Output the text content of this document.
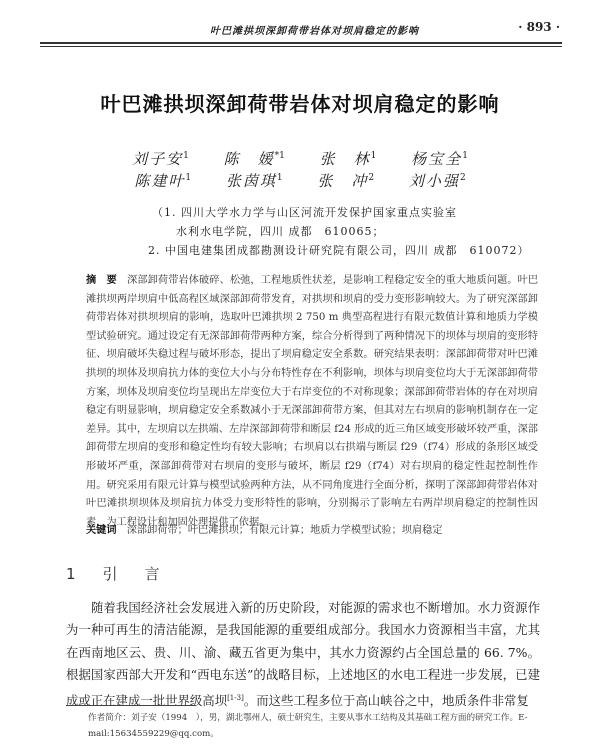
叶巴滩拱坝深卸荷带岩体对坝肩稳定的影响	· 893 ·
叶巴滩拱坝深卸荷带岩体对坝肩稳定的影响
刘子安$^1$ 陈　媛$^{*1}$ 张　林$^1$ 杨宝全$^1$
陈建叶$^1$ 张茵琪$^1$ 张　冲$^2$ 刘小强$^2$
（1. 四川大学水力学与山区河流开发保护国家重点实验室
水利水电学院，四川 成都　610065；
2. 中国电建集团成都勘测设计研究院有限公司，四川 成都　610072）
摘　要　 深部卸荷带岩体破碎、松弛，工程地质性状差，是影响工程稳定安全的重大地质问题。叶巴滩拱坝两岸坝肩中低高程区域深部卸荷带发育，对拱坝和坝肩的受力变形影响较大。为了研究深部卸荷带岩体对拱坝坝肩的影响，选取叶巴滩拱坝 2 750 m 典型高程进行有限元数值计算和地质力学模型试验研究。通过设定有无深部卸荷带两种方案，综合分析得到了两种情况下的坝体与坝肩的变形特征、坝肩破坏失稳过程与破坏形态，提出了坝肩稳定安全系数。研究结果表明：深部卸荷带对叶巴滩拱坝的坝体及坝肩抗力体的变位大小与分布特性存在不利影响，坝体与坝肩变位均大于无深部卸荷带方案，坝体及坝肩变位均呈现出左岸变位大于右岸变位的不对称现象；深部卸荷带岩体的存在对坝肩稳定有明显影响，坝肩稳定安全系数减小于无深部卸荷带方案，但其对左右坝肩的影响机制存在一定差异。其中，左坝肩以左拱端、左岸深部卸荷带和断层 f24 形成的近三角区域变形破坏较严重，深部卸荷带左坝肩的变形和稳定性均有较大影响；右坝肩以右拱端与断层 f29（f74）形成的条形区域受形破坏严重，深部卸荷带对右坝肩的变形与破坏，断层 f29（f74）对右坝肩的稳定性起控制性作用。研究采用有限元计算与模型试验两种方法，从不同角度进行全面分析，探明了深部卸荷带岩体对叶巴滩拱坝坝体及坝肩抗力体受力变形特性的影响，分别揭示了影响左右两岸坝肩稳定的控制性因素，为工程设计和加固处理提供了依据。
关键词　 深部卸荷带；叶巴滩拱坝；有限元计算；地质力学模型试验；坝肩稳定
1　引　言
　　随着我国经济社会发展进入新的历史阶段，对能源的需求也不断增加。水力资源作为一种可再生的清洁能源，是我国能源的重要组成部分。我国水力资源相当丰富，尤其在西南地区云、贵、川、渝、藏五省更为集中，其水力资源约占全国总量的 66. 7%。根据国家西部大开发和“西电东送”的战略目标，上述地区的水电工程进一步发展，已建成或正在建成一批世界级高坝[1-3]。而这些工程多位于高山峡谷之中，地质条件非常复
作者简介：刘子安（1994　），男，湖北鄂州人，硕士研究生，主要从事水工结构及其基础工程方面的研究工作。E-mail:15634559229@qq.com。
